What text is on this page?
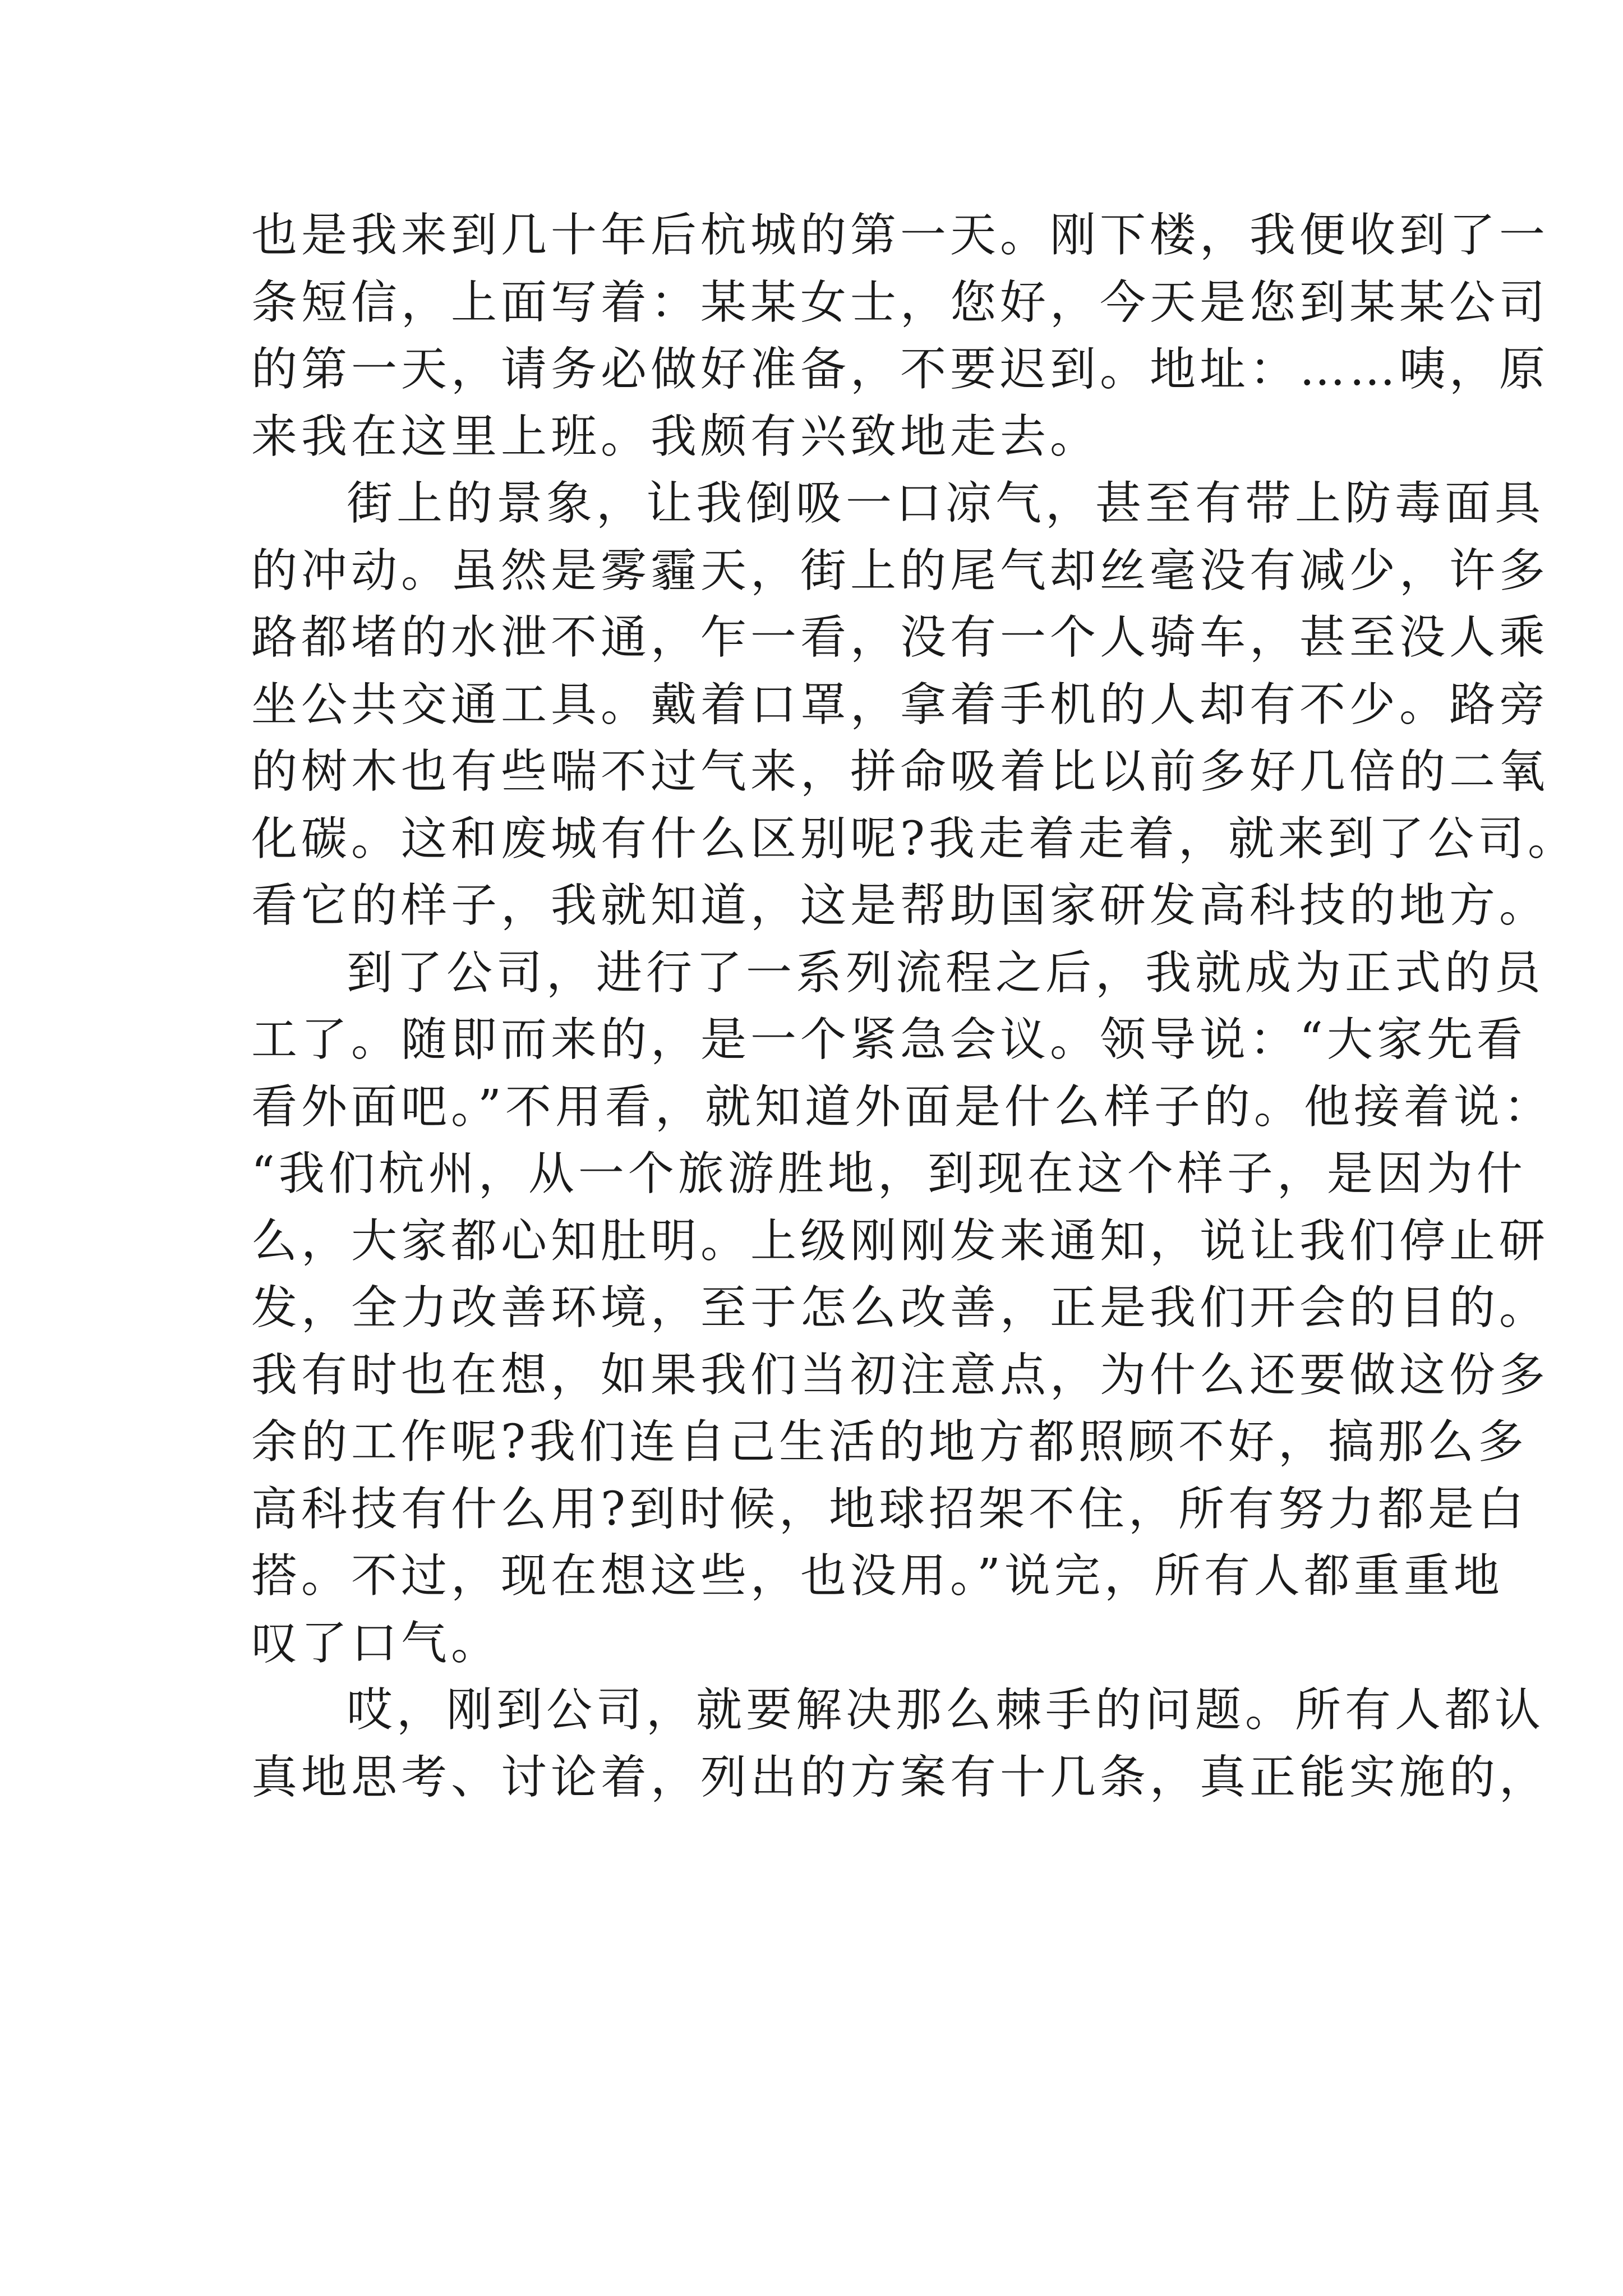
也是我来到几十年后杭城的第一天。刚下楼，我便收到了一
条短信，上面写着：某某女士，您好，今天是您到某某公司
的第一天，请务必做好准备，不要迟到。地址：……咦，原
来我在这里上班。我颇有兴致地走去。
街上的景象，让我倒吸一口凉气，甚至有带上防毒面具
的冲动。虽然是雾霾天，街上的尾气却丝毫没有减少，许多
路都堵的水泄不通，乍一看，没有一个人骑车，甚至没人乘
坐公共交通工具。戴着口罩，拿着手机的人却有不少。路旁
的树木也有些喘不过气来，拼命吸着比以前多好几倍的二氧
化碳。这和废城有什么区别呢?我走着走着，就来到了公司。
看它的样子，我就知道，这是帮助国家研发高科技的地方。
到了公司，进行了一系列流程之后，我就成为正式的员
工了。随即而来的，是一个紧急会议。领导说：“大家先看
看外面吧。”不用看，就知道外面是什么样子的。他接着说：
“我们杭州，从一个旅游胜地，到现在这个样子，是因为什
么，大家都心知肚明。上级刚刚发来通知，说让我们停止研
发，全力改善环境，至于怎么改善，正是我们开会的目的。
我有时也在想，如果我们当初注意点，为什么还要做这份多
余的工作呢?我们连自己生活的地方都照顾不好，搞那么多
高科技有什么用?到时候，地球招架不住，所有努力都是白
搭。不过，现在想这些，也没用。”说完，所有人都重重地
叹了口气。
哎，刚到公司，就要解决那么棘手的问题。所有人都认
真地思考、讨论着，列出的方案有十几条，真正能实施的，
